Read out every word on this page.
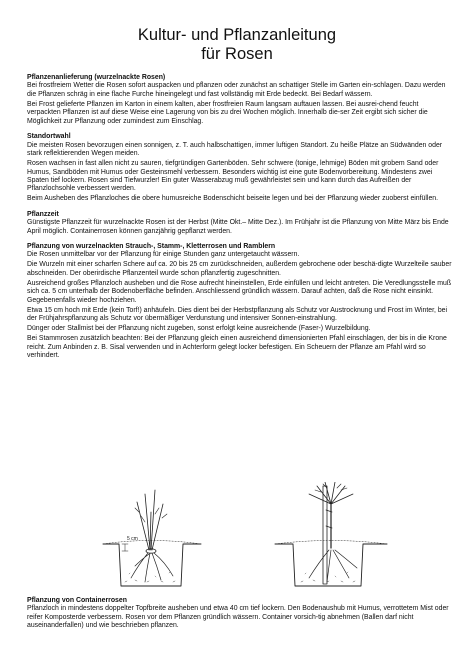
Kultur- und Pflanzanleitung
für Rosen

Pflanzenanlieferung (wurzelnackte Rosen)

Bei frostfreiem Wetter die Rosen sofort auspacken und pflanzen oder zunächst an schattiger Stelle im Garten ein-schlagen. Dazu werden die Pflanzen schräg in eine flache Furche hineingelegt und fast vollständig mit Erde bedeckt. Bei Bedarf wässern.

Bei Frost gelieferte Pflanzen im Karton in einem kalten, aber frostfreien Raum langsam auftauen lassen. Bei ausrei-chend feucht verpackten Pflanzen ist auf diese Weise eine Lagerung von bis zu drei Wochen möglich. Innerhalb die-ser Zeit ergibt sich sicher die Möglichkeit zur Pflanzung oder zumindest zum Einschlag.

Standortwahl

Die meisten Rosen bevorzugen einen sonnigen, z. T. auch halbschattigen, immer luftigen Standort. Zu heiße Plätze an Südwänden oder stark reflektierenden Wegen meiden.

Rosen wachsen in fast allen nicht zu sauren, tiefgründigen Gartenböden. Sehr schwere (tonige, lehmige) Böden mit grobem Sand oder Humus, Sandböden mit Humus oder Gesteinsmehl verbessern. Besonders wichtig ist eine gute Bodenvorbereitung. Mindestens zwei Spaten tief lockern. Rosen sind Tiefwurzler! Ein guter Wasserabzug muß gewährleistet sein und kann durch das Aufreißen der Pflanzlochsohle verbessert werden.

Beim Ausheben des Pflanzloches die obere humusreiche Bodenschicht beiseite legen und bei der Pflanzung wieder zuoberst einfüllen.

Pflanzzeit

Günstigste Pflanzzeit für wurzelnackte Rosen ist der Herbst (Mitte Okt.– Mitte Dez.). Im Frühjahr ist die Pflanzung von Mitte März bis Ende April möglich. Containerrosen können ganzjährig gepflanzt werden.

Pflanzung von wurzelnackten Strauch-, Stamm-, Kletterrosen und Ramblern

Die Rosen unmittelbar vor der Pflanzung für einige Stunden ganz untergetaucht wässern.

Die Wurzeln mit einer scharfen Schere auf ca. 20 bis 25 cm zurückschneiden, außerdem gebrochene oder beschä-digte Wurzelteile sauber abschneiden. Der oberirdische Pflanzenteil wurde schon pflanzfertig zugeschnitten.

Ausreichend großes Pflanzloch ausheben und die Rose aufrecht hineinstellen, Erde einfüllen und leicht antreten. Die Veredlungsstelle muß sich ca. 5 cm unterhalb der Bodenoberfläche befinden. Anschliessend gründlich wässern. Darauf achten, daß die Rose nicht einsinkt. Gegebenenfalls wieder hochziehen.

Etwa 15 cm hoch mit Erde (kein Torf!) anhäufeln. Dies dient bei der Herbstpflanzung als Schutz vor Austrocknung und Frost im Winter, bei der Frühjahrspflanzung als Schutz vor übermäßiger Verdunstung und intensiver Sonnen-einstrahlung.

Dünger oder Stallmist bei der Pflanzung nicht zugeben, sonst erfolgt keine ausreichende (Faser-) Wurzelbildung.

Bei Stammrosen zusätzlich beachten: Bei der Pflanzung gleich einen ausreichend dimensionierten Pfahl einschlagen, der bis in die Krone reicht. Zum Anbinden z. B. Sisal verwenden und in Achterform gelegt locker befestigen. Ein Scheuern der Pflanze am Pfahl wird so verhindert.

5 cm

Pflanzung von Containerrosen

Pflanzloch in mindestens doppelter Topfbreite ausheben und etwa 40 cm tief lockern. Den Bodenaushub mit Humus, verrottetem Mist oder reifer Komposterde verbessern. Rosen vor dem Pflanzen gründlich wässern. Container vorsich-tig abnehmen (Ballen darf nicht auseinanderfallen) und wie beschrieben pflanzen.
